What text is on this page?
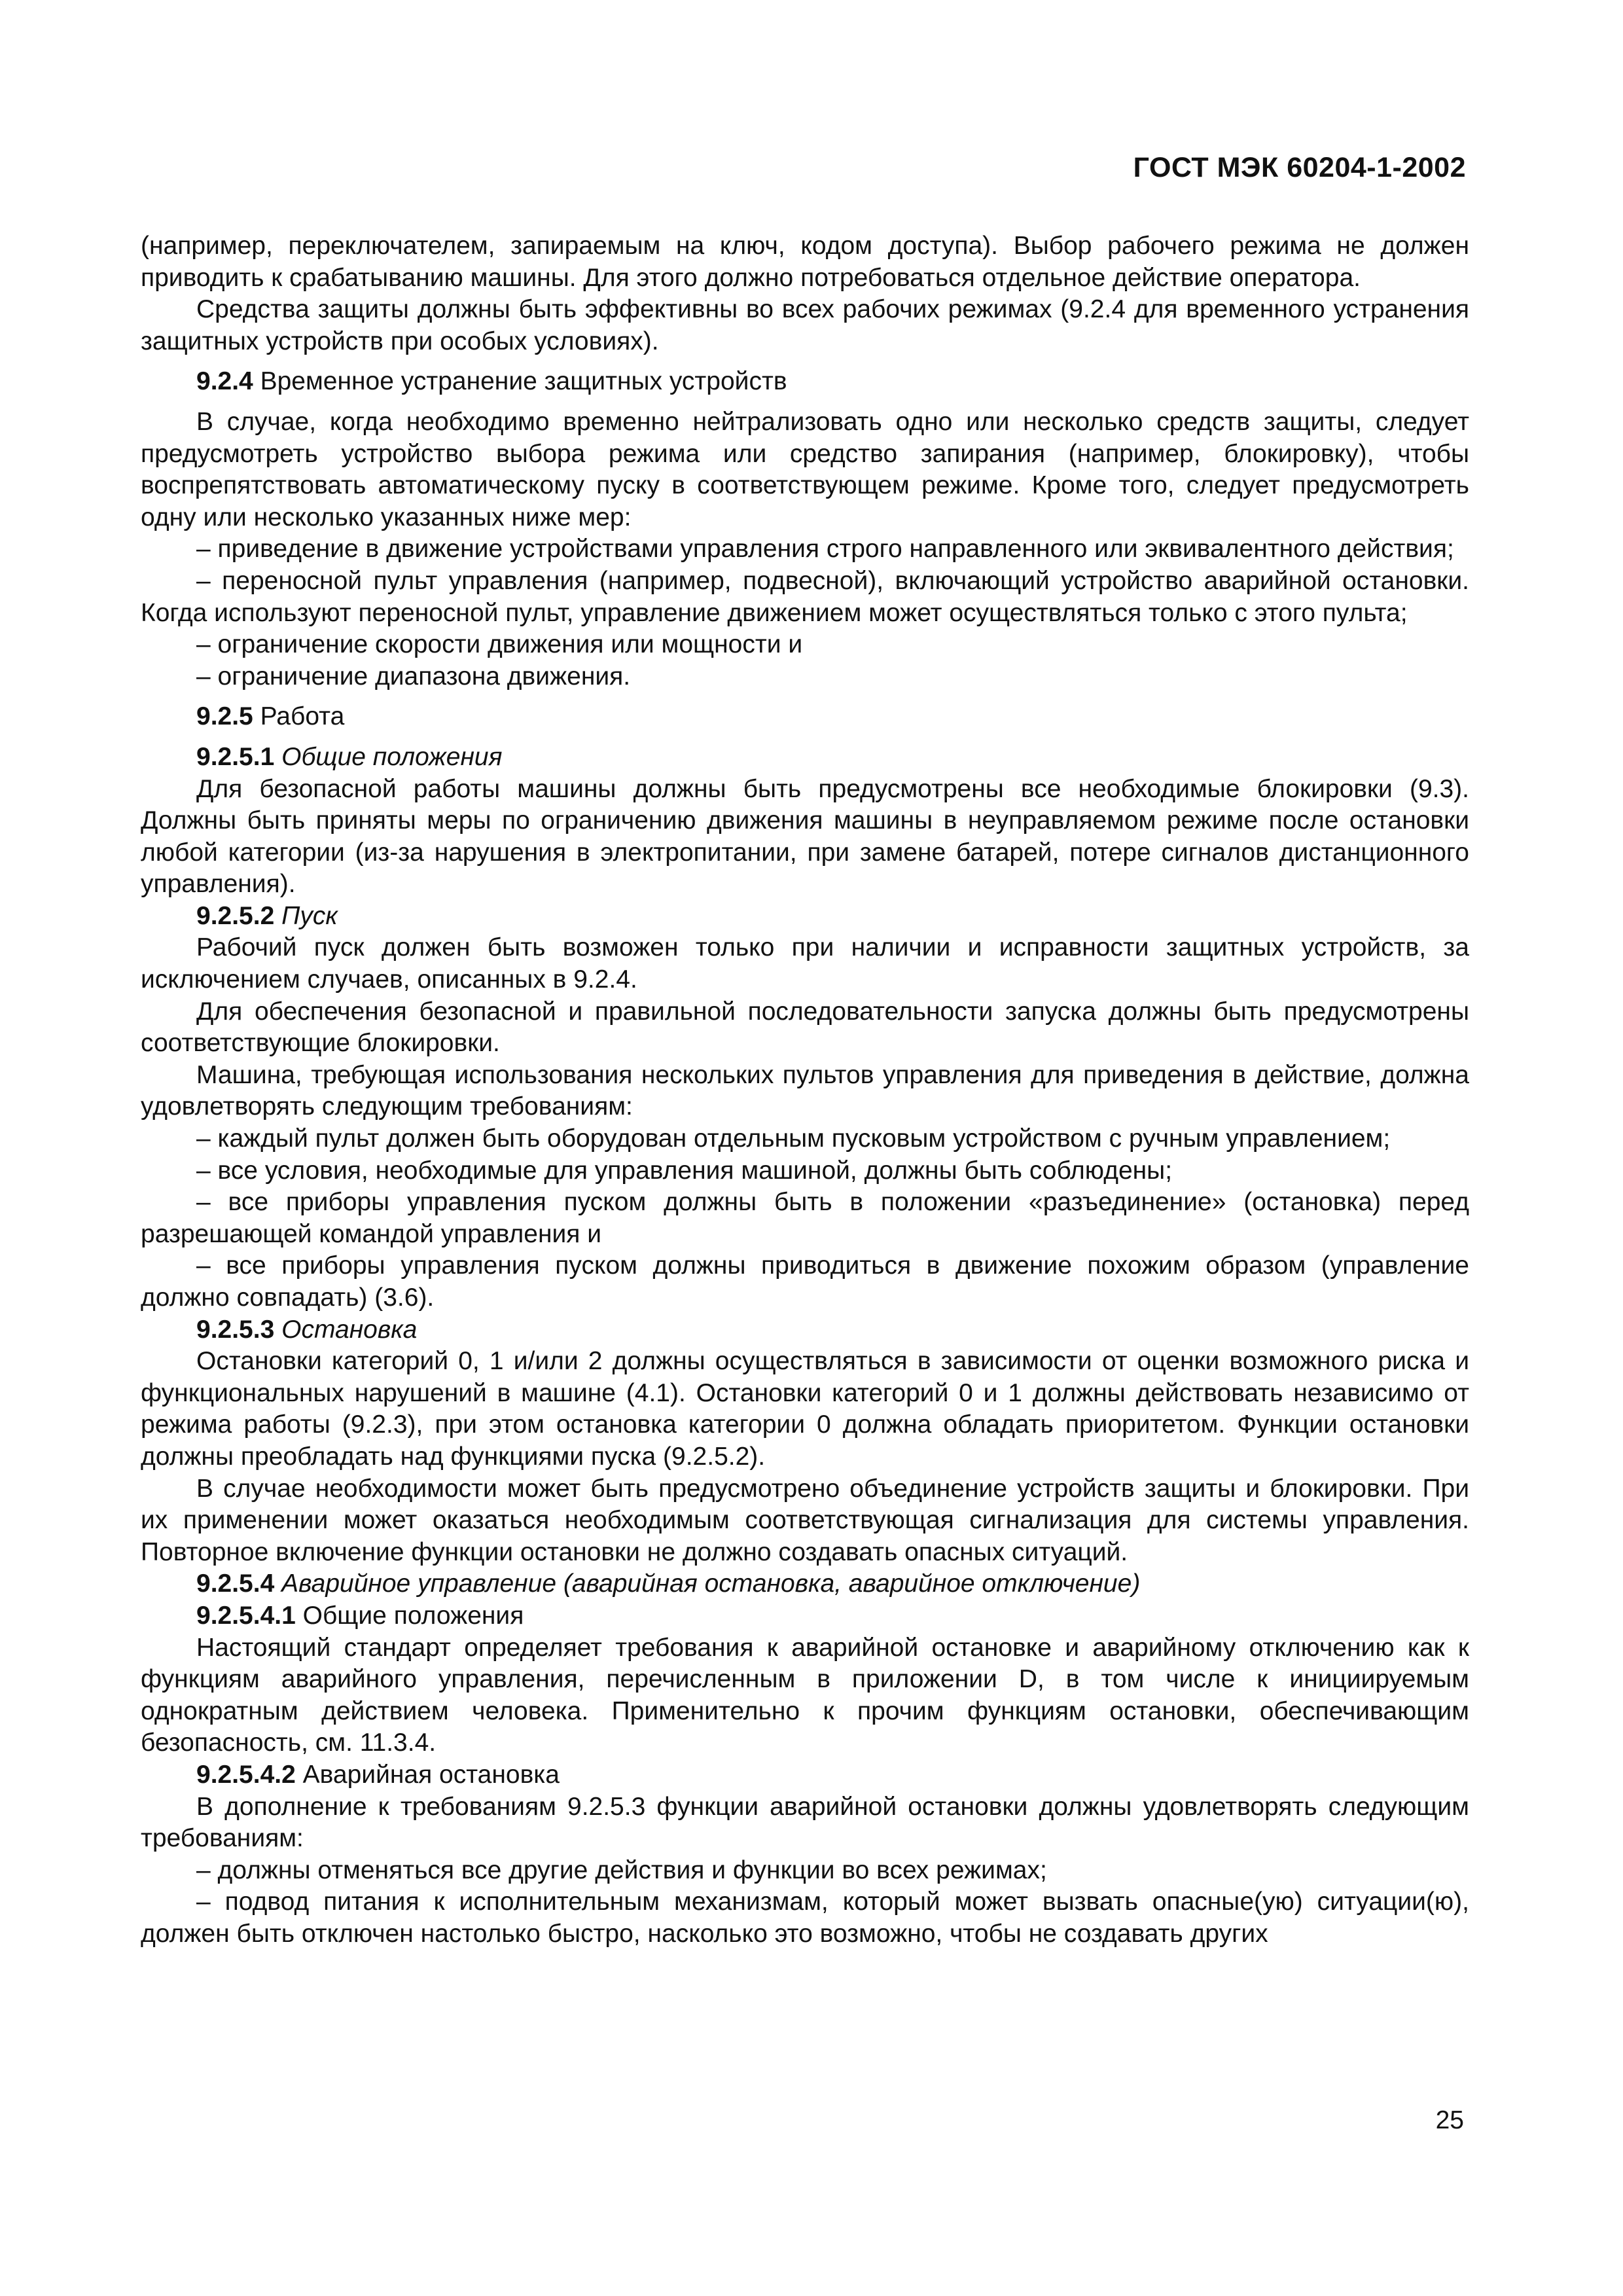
ГОСТ МЭК 60204-1-2002

(например, переключателем, запираемым на ключ, кодом доступа). Выбор рабочего режима не должен приводить к срабатыванию машины. Для этого должно потребоваться отдельное действие оператора.

Средства защиты должны быть эффективны во всех рабочих режимах (9.2.4 для временного устранения защитных устройств при особых условиях).

9.2.4 Временное устранение защитных устройств

В случае, когда необходимо временно нейтрализовать одно или несколько средств защиты, следует предусмотреть устройство выбора режима или средство запирания (например, блокировку), чтобы воспрепятствовать автоматическому пуску в соответствующем режиме. Кроме того, следует предусмотреть одну или несколько указанных ниже мер:

– приведение в движение устройствами управления строго направленного или эквивалентного действия;

– переносной пульт управления (например, подвесной), включающий устройство аварийной остановки. Когда используют переносной пульт, управление движением может осуществляться только с этого пульта;

– ограничение скорости движения или мощности и

– ограничение диапазона движения.

9.2.5 Работа

9.2.5.1 Общие положения

Для безопасной работы машины должны быть предусмотрены все необходимые блокировки (9.3). Должны быть приняты меры по ограничению движения машины в неуправляемом режиме после остановки любой категории (из-за нарушения в электропитании, при замене батарей, потере сигналов дистанционного управления).

9.2.5.2 Пуск

Рабочий пуск должен быть возможен только при наличии и исправности защитных устройств, за исключением случаев, описанных в 9.2.4.

Для обеспечения безопасной и правильной последовательности запуска должны быть предусмотрены соответствующие блокировки.

Машина, требующая использования нескольких пультов управления для приведения в действие, должна удовлетворять следующим требованиям:

– каждый пульт должен быть оборудован отдельным пусковым устройством с ручным управлением;

– все условия, необходимые для управления машиной, должны быть соблюдены;

– все приборы управления пуском должны быть в положении «разъединение» (остановка) перед разрешающей командой управления и

– все приборы управления пуском должны приводиться в движение похожим образом (управление должно совпадать) (3.6).

9.2.5.3 Остановка

Остановки категорий 0, 1 и/или 2 должны осуществляться в зависимости от оценки возможного риска и функциональных нарушений в машине (4.1). Остановки категорий 0 и 1 должны действовать независимо от режима работы (9.2.3), при этом остановка категории 0 должна обладать приоритетом. Функции остановки должны преобладать над функциями пуска (9.2.5.2).

В случае необходимости может быть предусмотрено объединение устройств защиты и блокировки. При их применении может оказаться необходимым соответствующая сигнализация для системы управления. Повторное включение функции остановки не должно создавать опасных ситуаций.

9.2.5.4 Аварийное управление (аварийная остановка, аварийное отключение)

9.2.5.4.1 Общие положения

Настоящий стандарт определяет требования к аварийной остановке и аварийному отключению как к функциям аварийного управления, перечисленным в приложении D, в том числе к инициируемым однократным действием человека. Применительно к прочим функциям остановки, обеспечивающим безопасность, см. 11.3.4.

9.2.5.4.2 Аварийная остановка

В дополнение к требованиям 9.2.5.3 функции аварийной остановки должны удовлетворять следующим требованиям:

– должны отменяться все другие действия и функции во всех режимах;

– подвод питания к исполнительным механизмам, который может вызвать опасные(ую) ситуации(ю), должен быть отключен настолько быстро, насколько это возможно, чтобы не создавать других

25
